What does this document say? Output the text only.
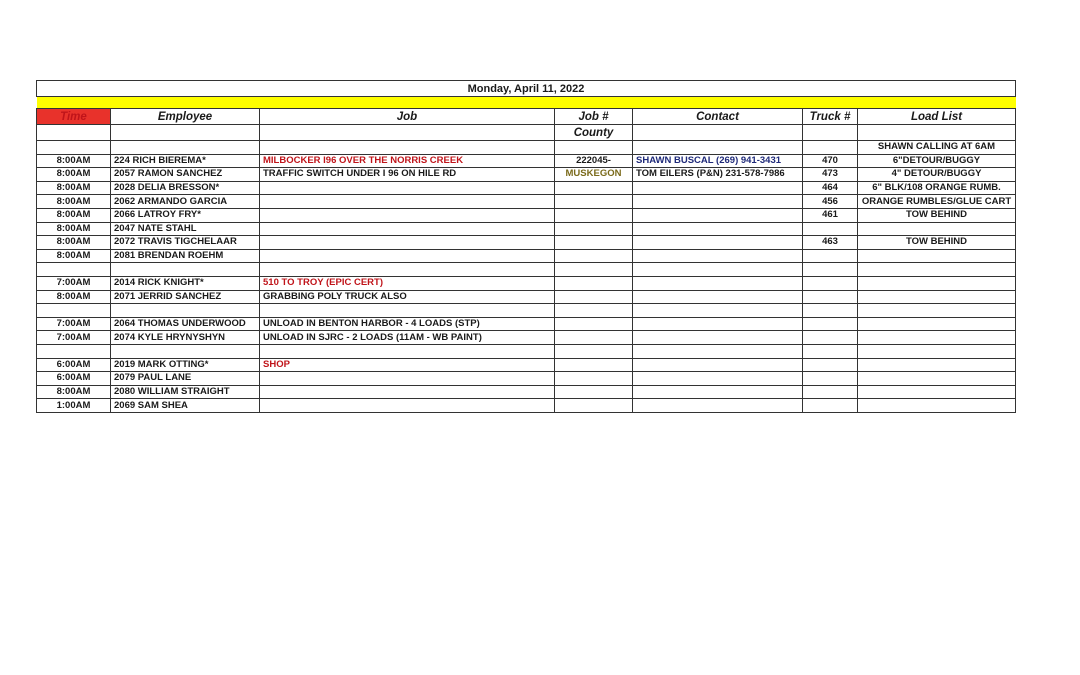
Monday, April 11, 2022						

Time	Employee	Job	Job #	Contact	Truck #	Load List
			County			
						SHAWN CALLING AT 6AM
8:00AM	224 RICH BIEREMA*	MILBOCKER I96 OVER THE NORRIS CREEK	222045-	SHAWN BUSCAL (269) 941-3431	470	6"DETOUR/BUGGY
8:00AM	2057 RAMON SANCHEZ	TRAFFIC SWITCH UNDER I 96 ON HILE RD	MUSKEGON	TOM EILERS (P&N) 231-578-7986	473	4" DETOUR/BUGGY
8:00AM	2028 DELIA BRESSON*				464	6" BLK/108 ORANGE RUMB.
8:00AM	2062 ARMANDO GARCIA				456	ORANGE RUMBLES/GLUE CART
8:00AM	2066 LATROY FRY*				461	TOW BEHIND
8:00AM	2047 NATE STAHL					
8:00AM	2072 TRAVIS TIGCHELAAR				463	TOW BEHIND
8:00AM	2081 BRENDAN ROEHM					

7:00AM	2014 RICK KNIGHT*	510 TO TROY (EPIC CERT)				
8:00AM	2071 JERRID SANCHEZ	GRABBING POLY TRUCK ALSO				

7:00AM	2064 THOMAS UNDERWOOD	UNLOAD IN BENTON HARBOR - 4 LOADS (STP)				
7:00AM	2074 KYLE HRYNYSHYN	UNLOAD IN SJRC - 2 LOADS (11AM - WB PAINT)				

6:00AM	2019 MARK OTTING*	SHOP				
6:00AM	2079 PAUL LANE					
8:00AM	2080 WILLIAM STRAIGHT					
1:00AM	2069 SAM SHEA					
